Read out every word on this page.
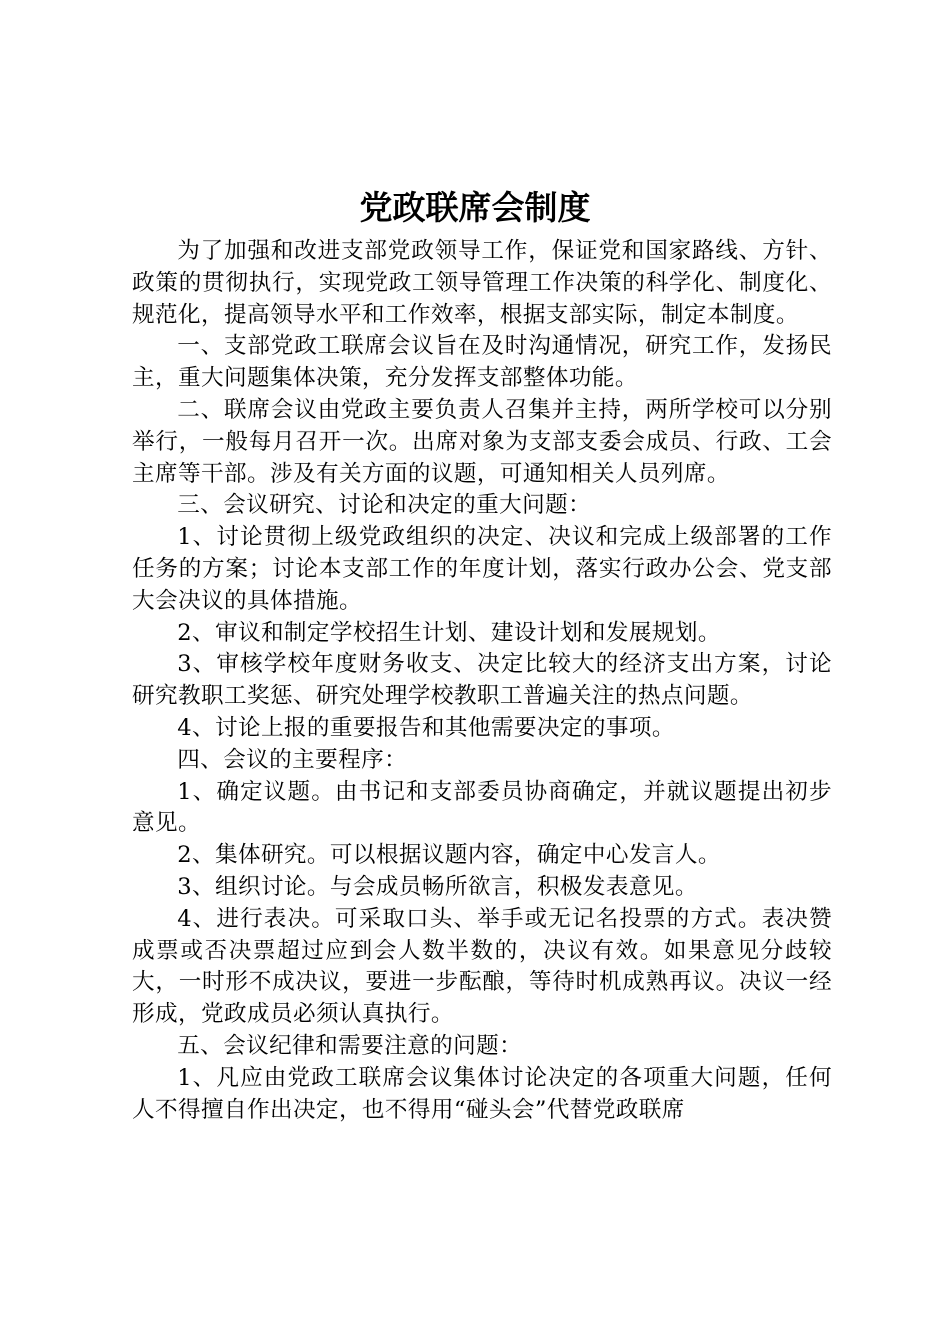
党政联席会制度

为了加强和改进支部党政领导工作，保证党和国家路线、方针、政策的贯彻执行，实现党政工领导管理工作决策的科学化、制度化、规范化，提高领导水平和工作效率，根据支部实际，制定本制度。

一、支部党政工联席会议旨在及时沟通情况，研究工作，发扬民主，重大问题集体决策，充分发挥支部整体功能。

二、联席会议由党政主要负责人召集并主持，两所学校可以分别举行，一般每月召开一次。出席对象为支部支委会成员、行政、工会主席等干部。涉及有关方面的议题，可通知相关人员列席。

三、会议研究、讨论和决定的重大问题：

1、讨论贯彻上级党政组织的决定、决议和完成上级部署的工作任务的方案；讨论本支部工作的年度计划，落实行政办公会、党支部大会决议的具体措施。

2、审议和制定学校招生计划、建设计划和发展规划。

3、审核学校年度财务收支、决定比较大的经济支出方案，讨论研究教职工奖惩、研究处理学校教职工普遍关注的热点问题。

4、讨论上报的重要报告和其他需要决定的事项。

四、会议的主要程序：

1、确定议题。由书记和支部委员协商确定，并就议题提出初步意见。

2、集体研究。可以根据议题内容，确定中心发言人。

3、组织讨论。与会成员畅所欲言，积极发表意见。

4、进行表决。可采取口头、举手或无记名投票的方式。表决赞成票或否决票超过应到会人数半数的，决议有效。如果意见分歧较大，一时形不成决议，要进一步酝酿，等待时机成熟再议。决议一经形成，党政成员必须认真执行。

五、会议纪律和需要注意的问题：

1、凡应由党政工联席会议集体讨论决定的各项重大问题，任何人不得擅自作出决定，也不得用“碰头会”代替党政联席
